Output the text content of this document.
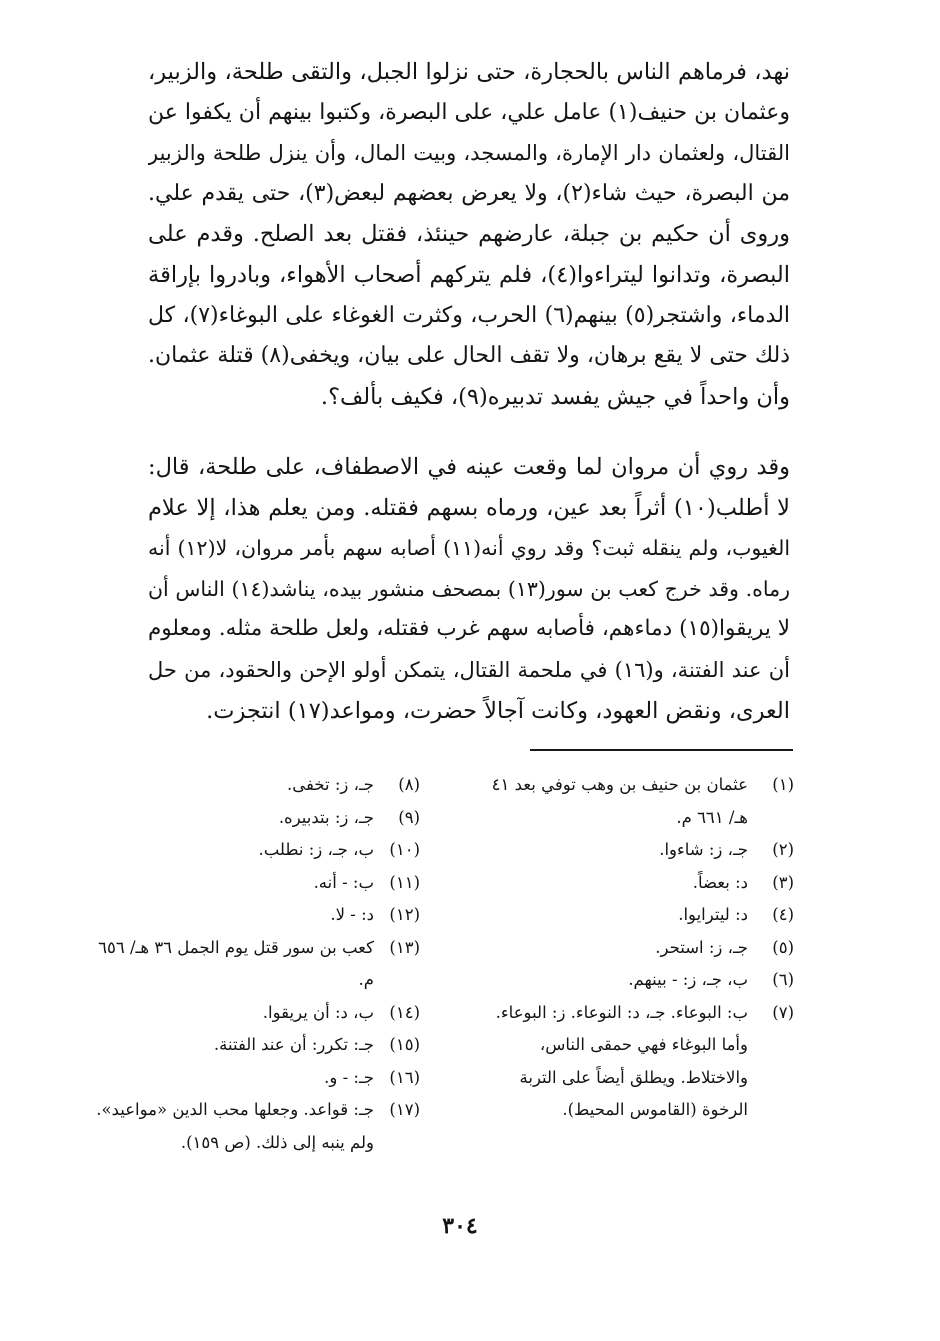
نهد، فرماهم الناس بالحجارة، حتى نزلوا الجبل، والتقى طلحة، والزبير،
وعثمان بن حنيف(١) عامل علي، على البصرة، وكتبوا بينهم أن يكفوا عن
القتال، ولعثمان دار الإمارة، والمسجد، وبيت المال، وأن ينزل طلحة والزبير
من البصرة، حيث شاء(٢)، ولا يعرض بعضهم لبعض(٣)، حتى يقدم علي.
وروى أن حكيم بن جبلة، عارضهم حينئذ، فقتل بعد الصلح. وقدم على
البصرة، وتدانوا ليتراءوا(٤)، فلم يتركهم أصحاب الأهواء، وبادروا بإراقة
الدماء، واشتجر(٥) بينهم(٦) الحرب، وكثرت الغوغاء على البوغاء(٧)، كل
ذلك حتى لا يقع برهان، ولا تقف الحال على بيان، ويخفى(٨) قتلة عثمان.
وأن واحداً في جيش يفسد تدبيره(٩)، فكيف بألف؟.
وقد روي أن مروان لما وقعت عينه في الاصطفاف، على طلحة، قال:
لا أطلب(١٠) أثراً بعد عين، ورماه بسهم فقتله. ومن يعلم هذا، إلا علام
الغيوب، ولم ينقله ثبت؟ وقد روي أنه(١١) أصابه سهم بأمر مروان، لا(١٢) أنه
رماه. وقد خرج كعب بن سور(١٣) بمصحف منشور بيده، يناشد(١٤) الناس أن
لا يريقوا(١٥) دماءهم، فأصابه سهم غرب فقتله، ولعل طلحة مثله. ومعلوم
أن عند الفتنة، و(١٦) في ملحمة القتال، يتمكن أولو الإحن والحقود، من حل
العرى، ونقض العهود، وكانت آجالاً حضرت، ومواعد(١٧) انتجزت.
(١)
عثمان بن حنيف بن وهب توفي بعد ٤١ هـ/ ٦٦١ م.
(٢)
جـ، ز: شاءوا.
(٣)
د: بعضاً.
(٤)
د: ليترايوا.
(٥)
جـ، ز: استحر.
(٦)
ب، جـ، ز: - بينهم.
(٧)
ب: البوعاء. جـ، د: النوعاء. ز: البوعاء. وأما البوغاء فهي حمقى الناس، والاختلاط. ويطلق أيضاً على التربة الرخوة (القاموس المحيط).
(٨)
جـ، ز: تخفى.
(٩)
جـ، ز: بتدبيره.
(١٠)
ب، جـ، ز: نطلب.
(١١)
ب: - أنه.
(١٢)
د: - لا.
(١٣)
كعب بن سور قتل يوم الجمل ٣٦ هـ/ ٦٥٦ م.
(١٤)
ب، د: أن يريقوا.
(١٥)
جـ: تكرر: أن عند الفتنة.
(١٦)
جـ: - و.
(١٧)
جـ: قواعد. وجعلها محب الدين «مواعيد». ولم ينبه إلى ذلك. (ص ١٥٩).
٣٠٤
